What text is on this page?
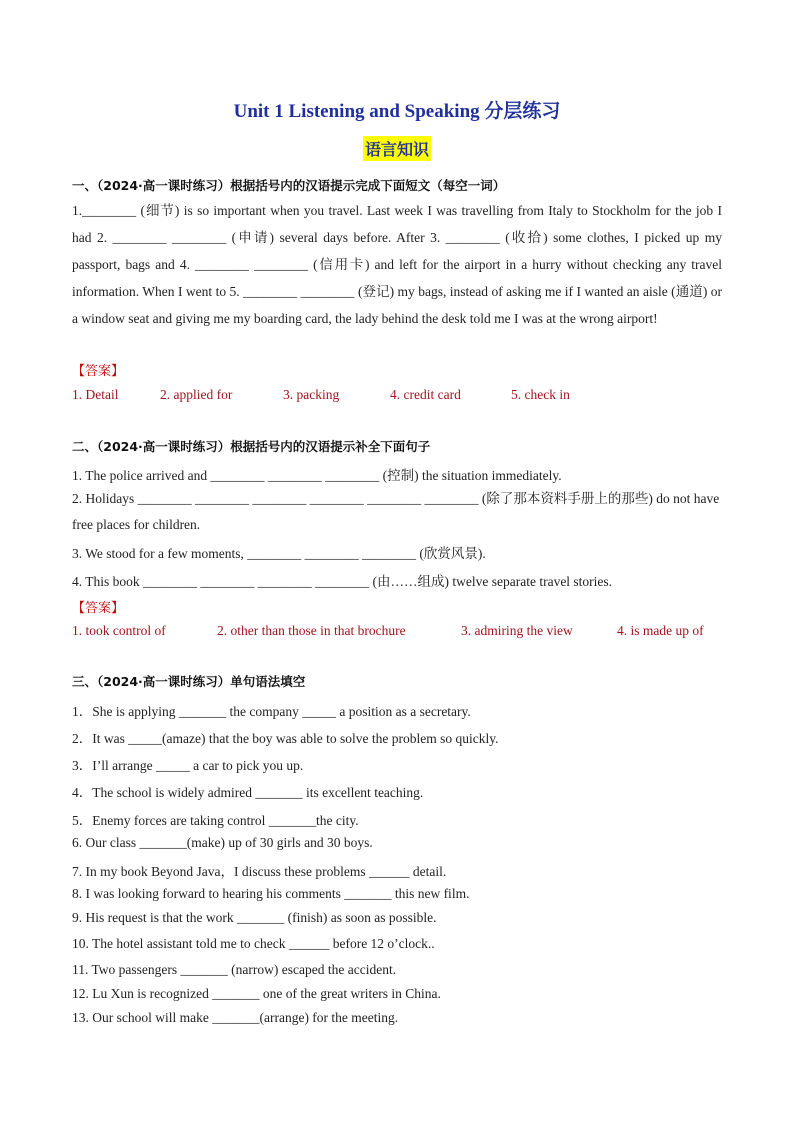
Unit 1 Listening and Speaking 分层练习
语言知识
一、（2024·高一课时练习）根据括号内的汉语提示完成下面短文（每空一词）
1.________ (细节) is so important when you travel. Last week I was travelling from Italy to Stockholm for the job I had 2. ________ ________ (申请) several days before. After 3. ________ (收拾) some clothes, I picked up my passport, bags and 4. ________ ________ (信用卡) and left for the airport in a hurry without checking any travel information. When I went to 5. ________ ________ (登记) my bags, instead of asking me if I wanted an aisle (通道) or a window seat and giving me my boarding card, the lady behind the desk told me I was at the wrong airport!
【答案】
1. Detail	2. applied for	3. packing	4. credit card	5. check in
二、（2024·高一课时练习）根据括号内的汉语提示补全下面句子
1. The police arrived and ________ ________ ________ (控制) the situation immediately.
2. Holidays ________ ________ ________ ________ ________ ________ (除了那本资料手册上的那些) do not have free places for children.
3. We stood for a few moments, ________ ________ ________ (欣赏风景).
4. This book ________ ________ ________ ________ (由……组成) twelve separate travel stories.
【答案】
1. took control of	2. other than those in that brochure	3. admiring the view	4. is made up of
三、（2024·高一课时练习）单句语法填空
1．She is applying _______ the company _____ a position as a secretary.
2．It was _____(amaze) that the boy was able to solve the problem so quickly.
3．I’ll arrange _____ a car to pick you up.
4．The school is widely admired _______ its excellent teaching.
5．Enemy forces are taking control _______the city.
6. Our class _______(make) up of 30 girls and 30 boys.
7. In my book Beyond Java，I discuss these problems ______ detail.
8. I was looking forward to hearing his comments _______ this new film.
9. His request is that the work _______ (finish) as soon as possible.
10. The hotel assistant told me to check ______ before 12 o’clock..
11. Two passengers _______ (narrow) escaped the accident.
12. Lu Xun is recognized _______ one of the great writers in China.
13. Our school will make _______(arrange) for the meeting.
